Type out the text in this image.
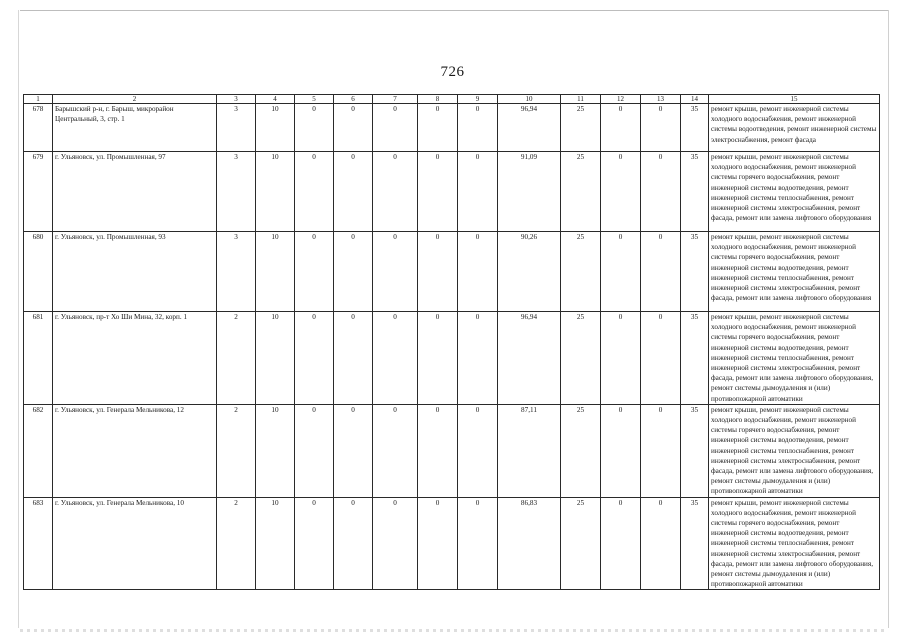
726
1	2	3	4	5	6	7	8	9	10	11	12	13	14	15
678	Барышский р-н, г. Барыш, микрорайон Центральный, 3, стр. 1	3	10	0	0	0	0	0	96,94	25	0	0	35	ремонт крыши, ремонт инженерной системы холодного водоснабжения, ремонт инженерной системы водоотведения, ремонт инженерной системы электроснабжения, ремонт фасада
679	г. Ульяновск, ул. Промышленная, 97	3	10	0	0	0	0	0	91,09	25	0	0	35	ремонт крыши, ремонт инженерной системы холодного водоснабжения, ремонт инженерной системы горячего водоснабжения, ремонт инженерной системы водоотведения, ремонт инженерной системы теплоснабжения, ремонт инженерной системы электроснабжения, ремонт фасада, ремонт или замена лифтового оборудования
680	г. Ульяновск, ул. Промышленная, 93	3	10	0	0	0	0	0	90,26	25	0	0	35	ремонт крыши, ремонт инженерной системы холодного водоснабжения, ремонт инженерной системы горячего водоснабжения, ремонт инженерной системы водоотведения, ремонт инженерной системы теплоснабжения, ремонт инженерной системы электроснабжения, ремонт фасада, ремонт или замена лифтового оборудования
681	г. Ульяновск, пр-т Хо Ши Мина, 32, корп. 1	2	10	0	0	0	0	0	96,94	25	0	0	35	ремонт крыши, ремонт инженерной системы холодного водоснабжения, ремонт инженерной системы горячего водоснабжения, ремонт инженерной системы водоотведения, ремонт инженерной системы теплоснабжения, ремонт инженерной системы электроснабжения, ремонт фасада, ремонт или замена лифтового оборудования, ремонт системы дымоудаления и (или) противопожарной автоматики
682	г. Ульяновск, ул. Генерала Мельникова, 12	2	10	0	0	0	0	0	87,11	25	0	0	35	ремонт крыши, ремонт инженерной системы холодного водоснабжения, ремонт инженерной системы горячего водоснабжения, ремонт инженерной системы водоотведения, ремонт инженерной системы теплоснабжения, ремонт инженерной системы электроснабжения, ремонт фасада, ремонт или замена лифтового оборудования, ремонт системы дымоудаления и (или) противопожарной автоматики
683	г. Ульяновск, ул. Генерала Мельникова, 10	2	10	0	0	0	0	0	86,83	25	0	0	35	ремонт крыши, ремонт инженерной системы холодного водоснабжения, ремонт инженерной системы горячего водоснабжения, ремонт инженерной системы водоотведения, ремонт инженерной системы теплоснабжения, ремонт инженерной системы электроснабжения, ремонт фасада, ремонт или замена лифтового оборудования, ремонт системы дымоудаления и (или) противопожарной автоматики
